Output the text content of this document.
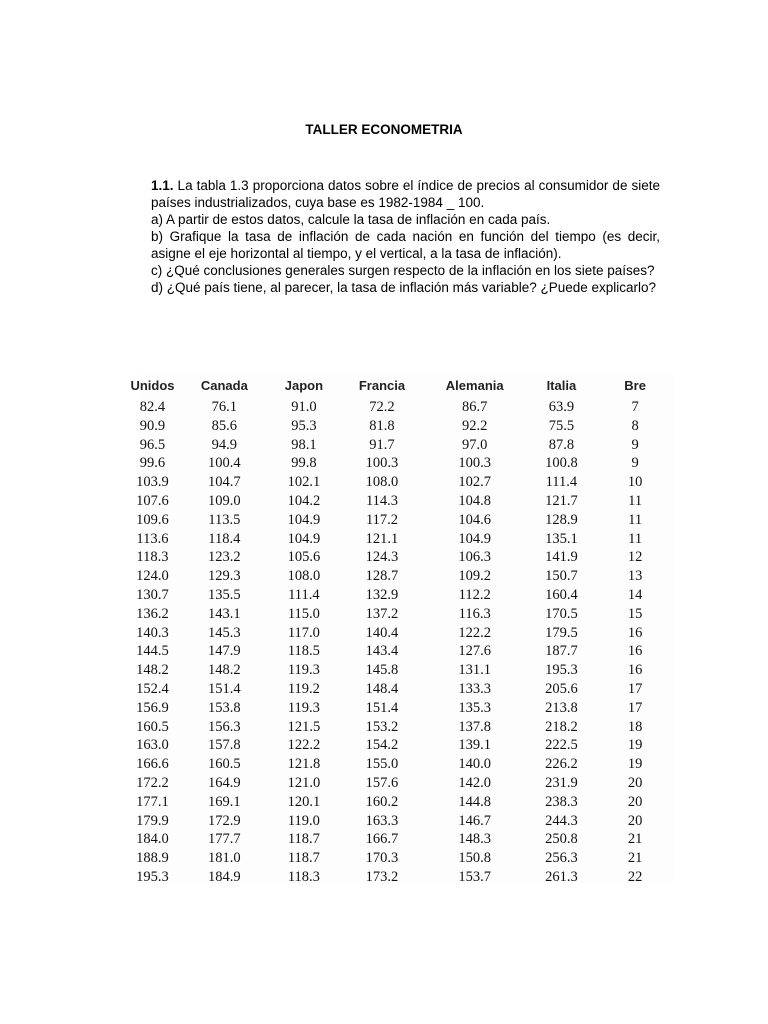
TALLER ECONOMETRIA

1.1. La tabla 1.3 proporciona datos sobre el índice de precios al consumidor de siete países industrializados, cuya base es 1982-1984 _ 100.

a) A partir de estos datos, calcule la tasa de inflación en cada país.

b) Grafique la tasa de inflación de cada nación en función del tiempo (es decir, asigne el eje horizontal al tiempo, y el vertical, a la tasa de inflación).

c) ¿Qué conclusiones generales surgen respecto de la inflación en los siete países?

d) ¿Qué país tiene, al parecer, la tasa de inflación más variable? ¿Puede explicarlo?

Unidos	Canada	Japon	Francia	Alemania	Italia	Bre
82.4	76.1	91.0	72.2	86.7	63.9	7
90.9	85.6	95.3	81.8	92.2	75.5	8
96.5	94.9	98.1	91.7	97.0	87.8	9
99.6	100.4	99.8	100.3	100.3	100.8	9
103.9	104.7	102.1	108.0	102.7	111.4	10
107.6	109.0	104.2	114.3	104.8	121.7	11
109.6	113.5	104.9	117.2	104.6	128.9	11
113.6	118.4	104.9	121.1	104.9	135.1	11
118.3	123.2	105.6	124.3	106.3	141.9	12
124.0	129.3	108.0	128.7	109.2	150.7	13
130.7	135.5	111.4	132.9	112.2	160.4	14
136.2	143.1	115.0	137.2	116.3	170.5	15
140.3	145.3	117.0	140.4	122.2	179.5	16
144.5	147.9	118.5	143.4	127.6	187.7	16
148.2	148.2	119.3	145.8	131.1	195.3	16
152.4	151.4	119.2	148.4	133.3	205.6	17
156.9	153.8	119.3	151.4	135.3	213.8	17
160.5	156.3	121.5	153.2	137.8	218.2	18
163.0	157.8	122.2	154.2	139.1	222.5	19
166.6	160.5	121.8	155.0	140.0	226.2	19
172.2	164.9	121.0	157.6	142.0	231.9	20
177.1	169.1	120.1	160.2	144.8	238.3	20
179.9	172.9	119.0	163.3	146.7	244.3	20
184.0	177.7	118.7	166.7	148.3	250.8	21
188.9	181.0	118.7	170.3	150.8	256.3	21
195.3	184.9	118.3	173.2	153.7	261.3	22
